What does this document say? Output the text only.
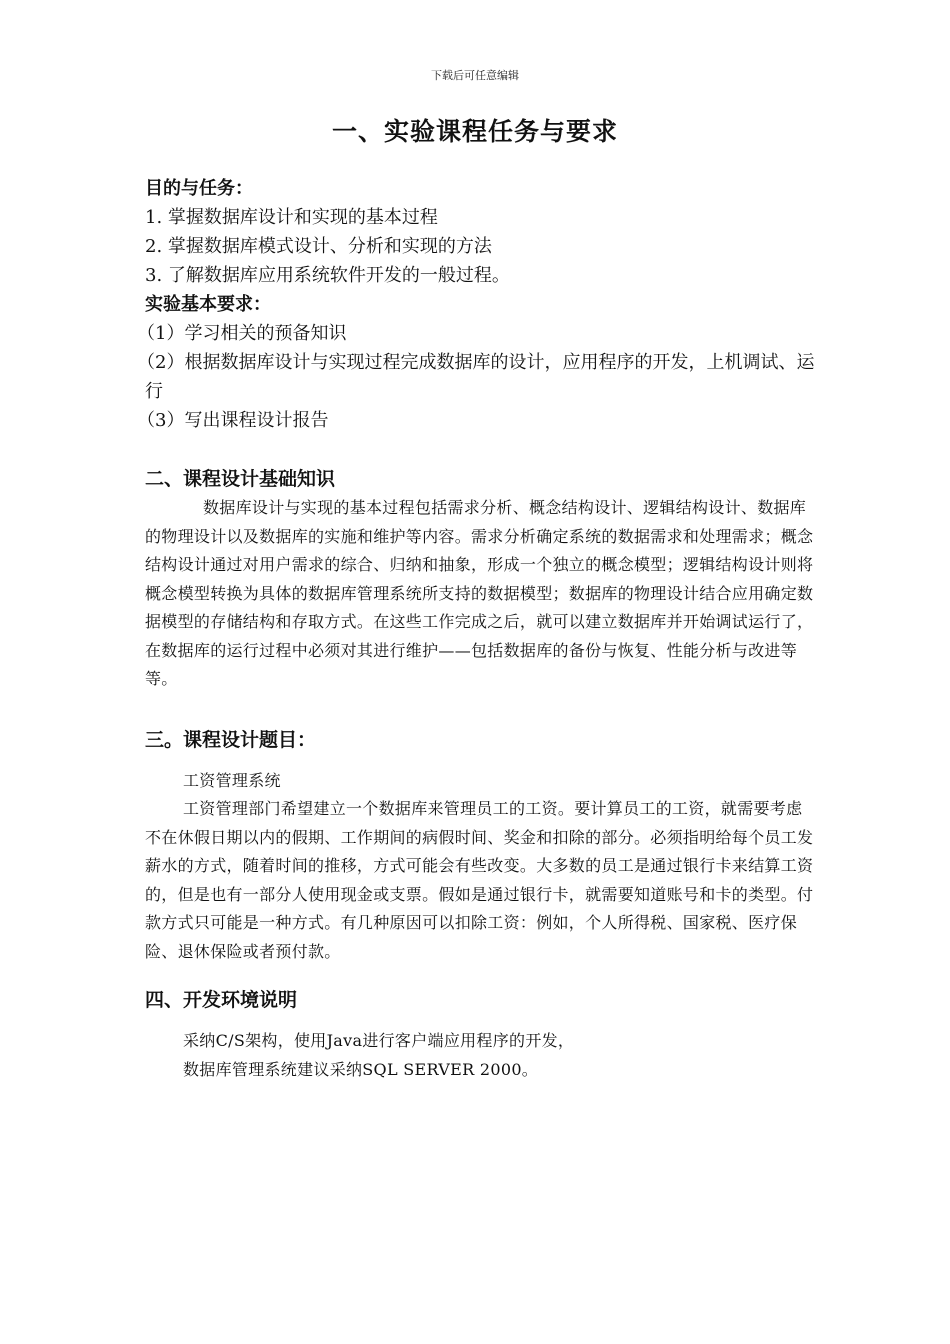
下载后可任意编辑
一、实验课程任务与要求
目的与任务：
1. 掌握数据库设计和实现的基本过程
2. 掌握数据库模式设计、分析和实现的方法
3. 了解数据库应用系统软件开发的一般过程。
实验基本要求：
（1）学习相关的预备知识
（2）根据数据库设计与实现过程完成数据库的设计，应用程序的开发，上机调试、运行
（3）写出课程设计报告
二、课程设计基础知识
数据库设计与实现的基本过程包括需求分析、概念结构设计、逻辑结构设计、数据库的物理设计以及数据库的实施和维护等内容。需求分析确定系统的数据需求和处理需求；概念结构设计通过对用户需求的综合、归纳和抽象，形成一个独立的概念模型；逻辑结构设计则将概念模型转换为具体的数据库管理系统所支持的数据模型；数据库的物理设计结合应用确定数据模型的存储结构和存取方式。在这些工作完成之后，就可以建立数据库并开始调试运行了，在数据库的运行过程中必须对其进行维护——包括数据库的备份与恢复、性能分析与改进等等。
三。课程设计题目：
工资管理系统
工资管理部门希望建立一个数据库来管理员工的工资。要计算员工的工资，就需要考虑不在休假日期以内的假期、工作期间的病假时间、奖金和扣除的部分。必须指明给每个员工发薪水的方式，随着时间的推移，方式可能会有些改变。大多数的员工是通过银行卡来结算工资的，但是也有一部分人使用现金或支票。假如是通过银行卡，就需要知道账号和卡的类型。付款方式只可能是一种方式。有几种原因可以扣除工资：例如，个人所得税、国家税、医疗保险、退休保险或者预付款。
四、开发环境说明
采纳C/S架构，使用Java进行客户端应用程序的开发，
数据库管理系统建议采纳SQL SERVER 2000。
